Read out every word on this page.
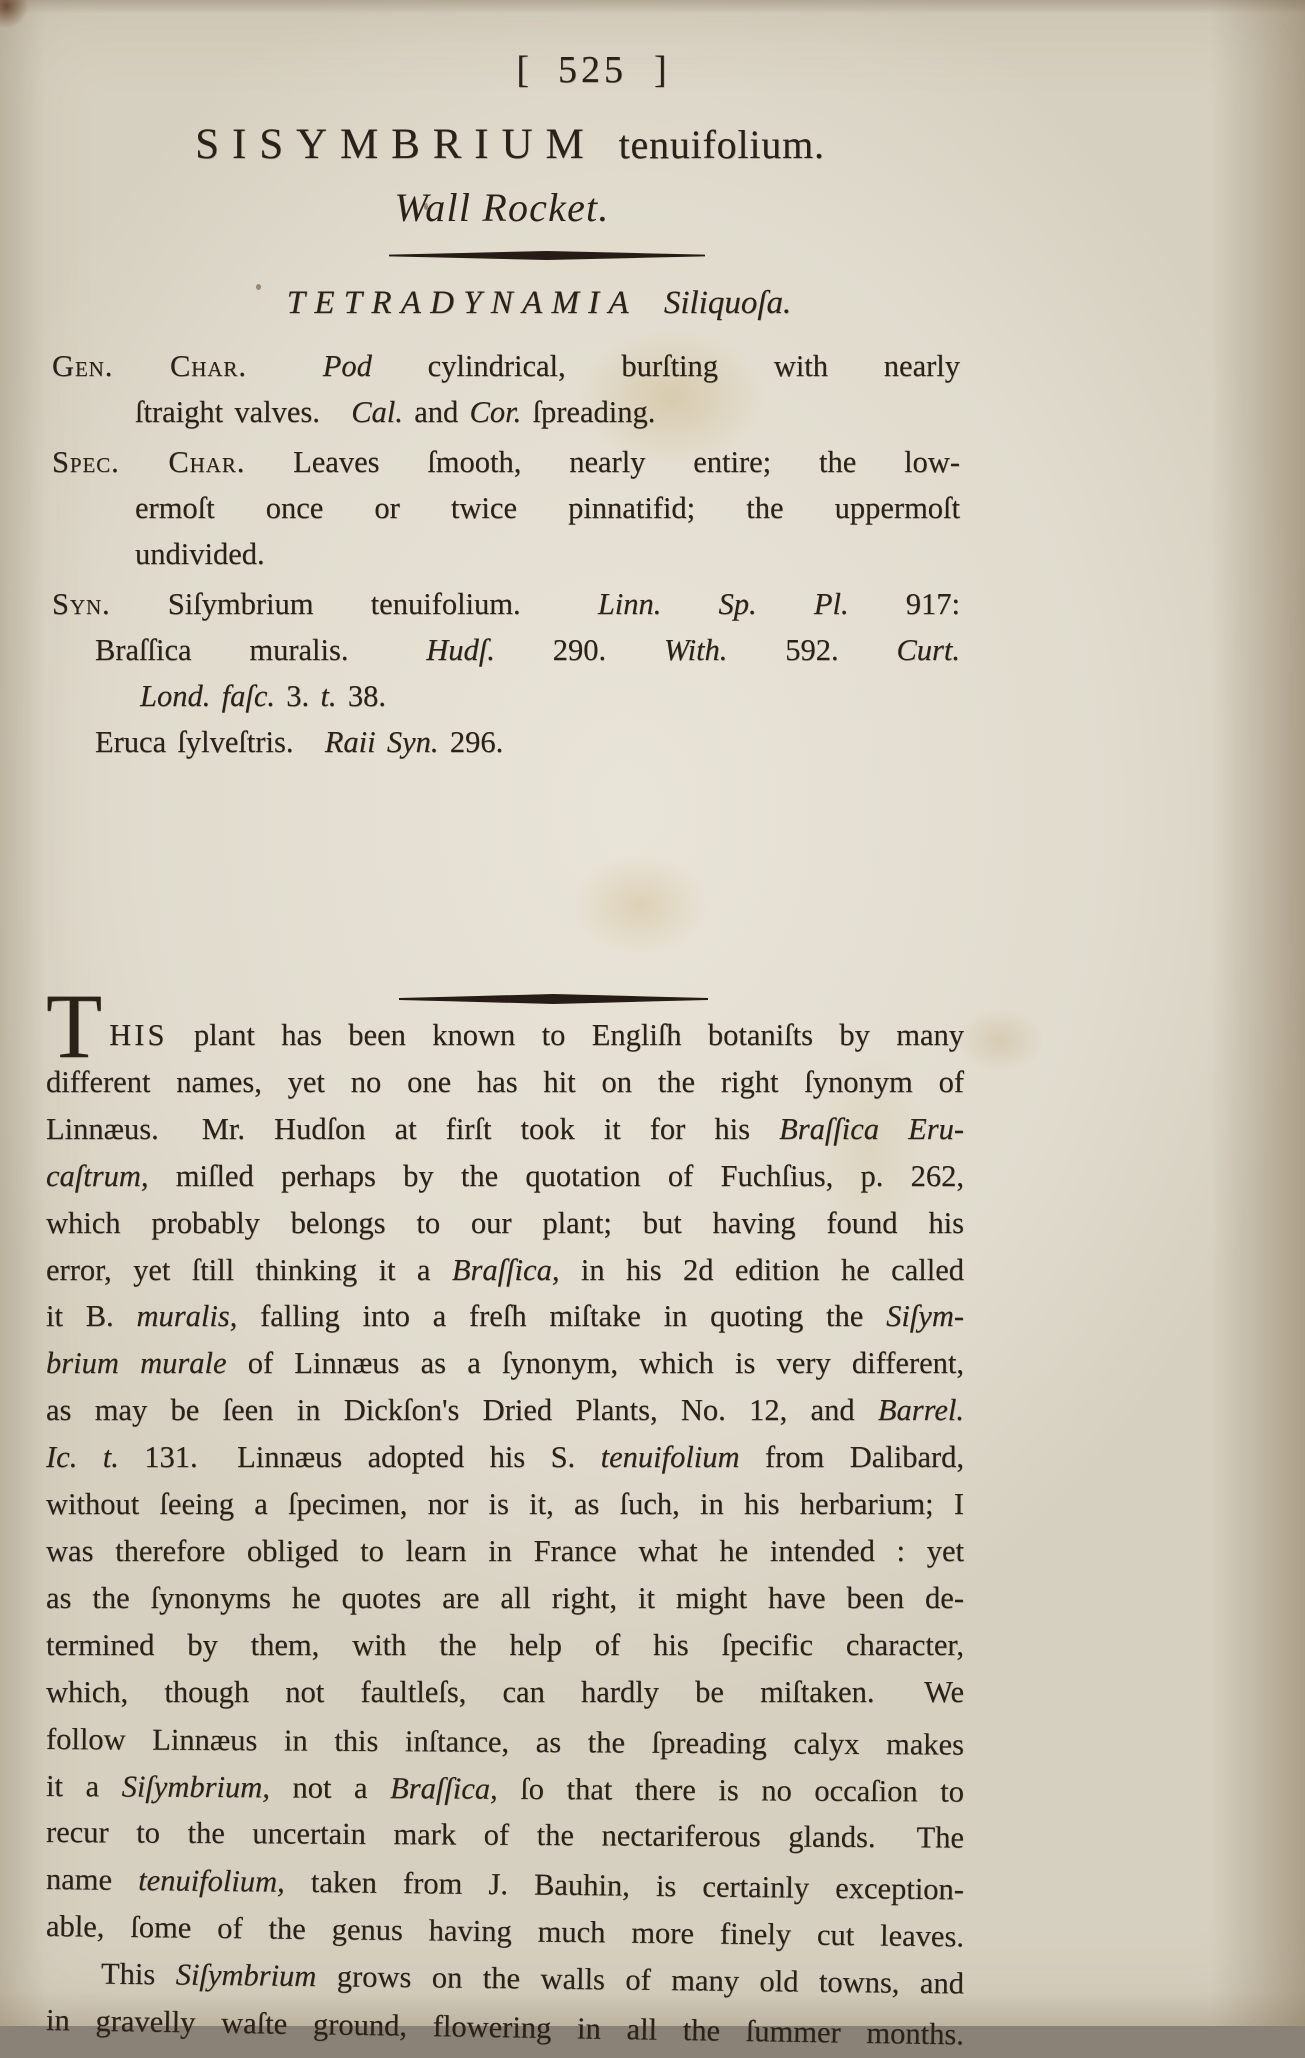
[ 525 ]
SISYMBRIUM tenuifolium.
Wall Rocket.
TETRADYNAMIA Siliquoſa.
Gen. Char. Pod cylindrical, burſting with nearly
ſtraight valves. Cal. and Cor. ſpreading.
Spec. Char. Leaves ſmooth, nearly entire; the low-
ermoſt once or twice pinnatifid; the uppermoſt
undivided.
Syn. Siſymbrium tenuifolium.	Linn. Sp. Pl. 917:
Braſſica muralis.	Hudſ. 290. With. 592. Curt.
Lond. faſc. 3. t. 38.
Eruca ſylveſtris. Raii Syn. 296.
THIS plant has been known to Engliſh botaniſts by many
different names, yet no one has hit on the right ſynonym of
Linnæus. Mr. Hudſon at firſt took it for his Braſſica Eru-
caſtrum, miſled perhaps by the quotation of Fuchſius, p. 262,
which probably belongs to our plant; but having found his
error, yet ſtill thinking it a Braſſica, in his 2d edition he called
it B. muralis, falling into a freſh miſtake in quoting the Siſym-
brium murale of Linnæus as a ſynonym, which is very different,
as may be ſeen in Dickſon's Dried Plants, No. 12, and Barrel.
Ic. t. 131. Linnæus adopted his S. tenuifolium from Dalibard,
without ſeeing a ſpecimen, nor is it, as ſuch, in his herbarium; I
was therefore obliged to learn in France what he intended : yet
as the ſynonyms he quotes are all right, it might have been de-
termined by them, with the help of his ſpecific character,
which, though not faultleſs, can hardly be miſtaken. We
follow Linnæus in this inſtance, as the ſpreading calyx makes
it a Siſymbrium, not a Braſſica, ſo that there is no occaſion to
recur to the uncertain mark of the nectariferous glands. The
name tenuifolium, taken from J. Bauhin, is certainly exception-
able, ſome of the genus having much more finely cut leaves.
This Siſymbrium grows on the walls of many old towns, and
in gravelly waſte ground, flowering in all the ſummer months.
